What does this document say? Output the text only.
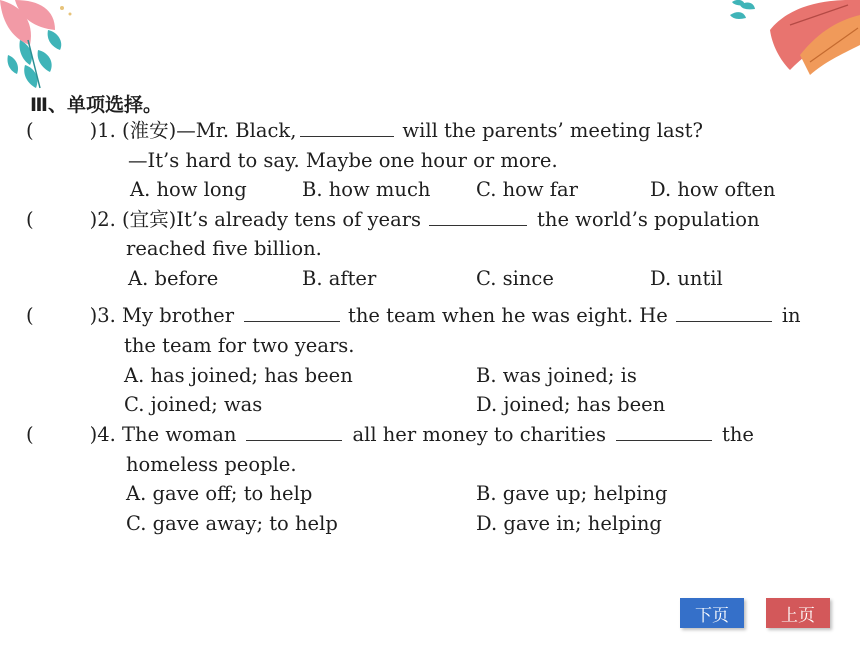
Ⅲ、单项选择。
(	)1. (淮安)—Mr. Black,	will the parents’ meeting last?
—It’s hard to say. Maybe one hour or more.
A. how long	B. how much C. how far	D. how often
(	)2. (宜宾)It’s already tens of years	the world’s population
reached five billion.
A. before	B. after	C. since	D. until
(	)3. My brother	the team when he was eight. He	in
the team for two years.
A. has joined; has been	B. was joined; is
C. joined; was	D. joined; has been
(	)4. The woman	all her money to charities	the
homeless people.
A. gave off; to help	B. gave up; helping
C. gave away; to help	D. gave in; helping
下页	上页
